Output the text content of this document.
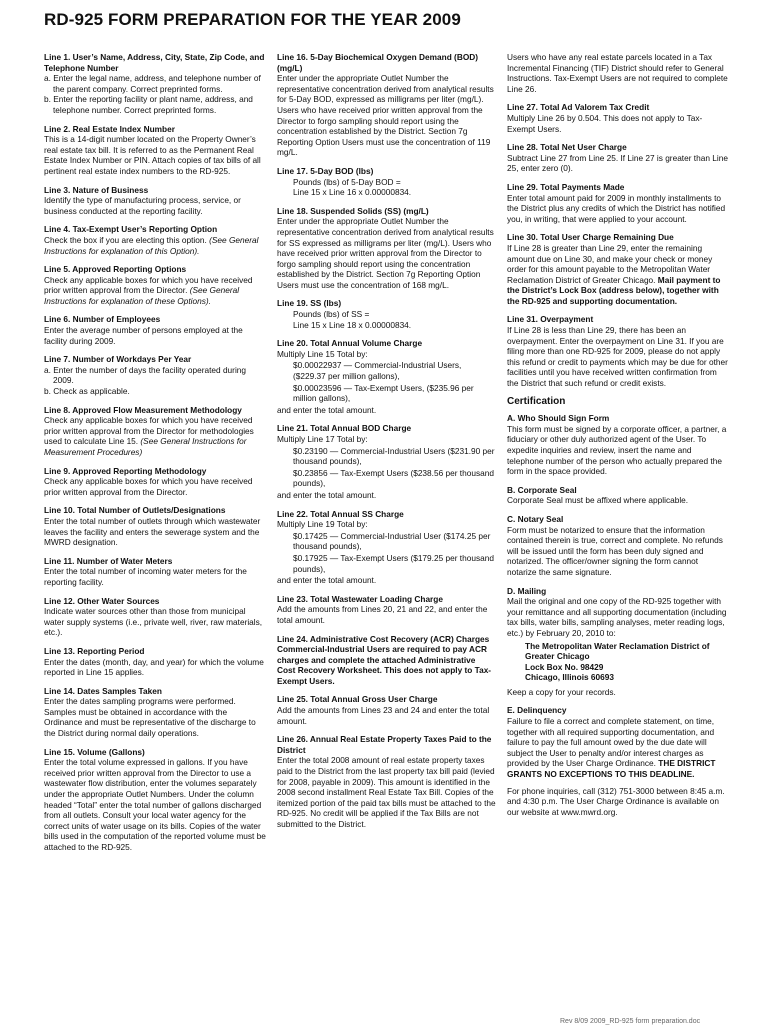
RD-925 FORM PREPARATION FOR THE YEAR 2009
Line 1. User’s Name, Address, City, State, Zip Code, and Telephone Number

a. Enter the legal name, address, and telephone number of the parent company. Correct preprinted forms.

b. Enter the reporting facility or plant name, address, and telephone number. Correct preprinted forms.

Line 2. Real Estate Index Number

This is a 14-digit number located on the Property Owner’s real estate tax bill. It is referred to as the Permanent Real Estate Index Number or PIN. Attach copies of tax bills of all pertinent real estate index numbers to the RD-925.

Line 3. Nature of Business

Identify the type of manufacturing process, service, or business conducted at the reporting facility.

Line 4. Tax-Exempt User’s Reporting Option

Check the box if you are electing this option. (See General Instructions for explanation of this Option).

Line 5. Approved Reporting Options

Check any applicable boxes for which you have received prior written approval from the Director. (See General Instructions for explanation of these Options).

Line 6. Number of Employees

Enter the average number of persons employed at the facility during 2009.

Line 7. Number of Workdays Per Year

a. Enter the number of days the facility operated during 2009.

b. Check as applicable.

Line 8. Approved Flow Measurement Methodology

Check any applicable boxes for which you have received prior written approval from the Director for methodologies used to calculate Line 15. (See General Instructions for Measurement Procedures)

Line 9. Approved Reporting Methodology

Check any applicable boxes for which you have received prior written approval from the Director.

Line 10. Total Number of Outlets/Designations

Enter the total number of outlets through which wastewater leaves the facility and enters the sewerage system and the MWRD designation.

Line 11. Number of Water Meters

Enter the total number of incoming water meters for the reporting facility.

Line 12. Other Water Sources

Indicate water sources other than those from municipal water supply systems (i.e., private well, river, raw materials, etc.).

Line 13. Reporting Period

Enter the dates (month, day, and year) for which the volume reported in Line 15 applies.

Line 14. Dates Samples Taken

Enter the dates sampling programs were performed. Samples must be obtained in accordance with the Ordinance and must be representative of the discharge to the District during normal daily operations.

Line 15. Volume (Gallons)

Enter the total volume expressed in gallons. If you have received prior written approval from the Director to use a wastewater flow distribution, enter the volumes separately under the appropriate Outlet Numbers. Under the column headed “Total” enter the total number of gallons discharged from all outlets. Consult your local water agency for the correct units of water usage on its bills. Copies of the water bills used in the computation of the reported volume must be attached to the RD-925.

Line 16. 5-Day Biochemical Oxygen Demand (BOD) (mg/L)

Enter under the appropriate Outlet Number the representative concentration derived from analytical results for 5-Day BOD, expressed as milligrams per liter (mg/L). Users who have received prior written approval from the Director to forgo sampling should report using the concentration established by the District. Section 7g Reporting Option Users must use the concentration of 119 mg/L.

Line 17. 5-Day BOD (lbs)

Pounds (lbs) of 5-Day BOD =

Line 15 x Line 16 x 0.00000834.

Line 18. Suspended Solids (SS) (mg/L)

Enter under the appropriate Outlet Number the representative concentration derived from analytical results for SS expressed as milligrams per liter (mg/L). Users who have received prior written approval from the Director to forgo sampling should report using the concentration established by the District. Section 7g Reporting Option Users must use the concentration of 168 mg/L.

Line 19. SS (lbs)

Pounds (lbs) of SS =

Line 15 x Line 18 x 0.00000834.

Line 20. Total Annual Volume Charge

Multiply Line 15 Total by:

$0.00022937 — Commercial-Industrial Users, ($229.37 per million gallons),

$0.00023596 — Tax-Exempt Users, ($235.96 per million gallons),

and enter the total amount.

Line 21. Total Annual BOD Charge

Multiply Line 17 Total by:

$0.23190 — Commercial-Industrial Users ($231.90 per thousand pounds),

$0.23856 — Tax-Exempt Users ($238.56 per thousand pounds),

and enter the total amount.

Line 22. Total Annual SS Charge

Multiply Line 19 Total by:

$0.17425 — Commercial-Industrial User ($174.25 per thousand pounds),

$0.17925 — Tax-Exempt Users ($179.25 per thousand pounds),

and enter the total amount.

Line 23. Total Wastewater Loading Charge

Add the amounts from Lines 20, 21 and 22, and enter the total amount.

Line 24. Administrative Cost Recovery (ACR) Charges

Commercial-Industrial Users are required to pay ACR charges and complete the attached Administrative Cost Recovery Worksheet. This does not apply to Tax-Exempt Users.

Line 25. Total Annual Gross User Charge

Add the amounts from Lines 23 and 24 and enter the total amount.

Line 26. Annual Real Estate Property Taxes Paid to the District

Enter the total 2008 amount of real estate property taxes paid to the District from the last property tax bill paid (levied for 2008, payable in 2009). This amount is identified in the 2008 second installment Real Estate Tax Bill. Copies of the itemized portion of the paid tax bills must be attached to the RD-925. No credit will be applied if the Tax Bills are not submitted to the District.

Users who have any real estate parcels located in a Tax Incremental Financing (TIF) District should refer to General Instructions. Tax-Exempt Users are not required to complete Line 26.

Line 27. Total Ad Valorem Tax Credit

Multiply Line 26 by 0.504. This does not apply to Tax-Exempt Users.

Line 28. Total Net User Charge

Subtract Line 27 from Line 25. If Line 27 is greater than Line 25, enter zero (0).

Line 29. Total Payments Made

Enter total amount paid for 2009 in monthly installments to the District plus any credits of which the District has notified you, in writing, that were applied to your account.

Line 30. Total User Charge Remaining Due

If Line 28 is greater than Line 29, enter the remaining amount due on Line 30, and make your check or money order for this amount payable to the Metropolitan Water Reclamation District of Greater Chicago. Mail payment to the District’s Lock Box (address below), together with the RD-925 and supporting documentation.

Line 31. Overpayment

If Line 28 is less than Line 29, there has been an overpayment. Enter the overpayment on Line 31. If you are filing more than one RD-925 for 2009, please do not apply this refund or credit to payments which may be due for other facilities until you have received written confirmation from the District that such refund or credit exists.

Certification
A. Who Should Sign Form

This form must be signed by a corporate officer, a partner, a fiduciary or other duly authorized agent of the User. To expedite inquiries and review, insert the name and telephone number of the person who actually prepared the form in the space provided.

B. Corporate Seal

Corporate Seal must be affixed where applicable.

C. Notary Seal

Form must be notarized to ensure that the information contained therein is true, correct and complete. No refunds will be issued until the form has been duly signed and notarized. The officer/owner signing the form cannot notarize the same signature.

D. Mailing

Mail the original and one copy of the RD-925 together with your remittance and all supporting documentation (including tax bills, water bills, sampling analyses, meter reading logs, etc.) by February 20, 2010 to:

The Metropolitan Water Reclamation District of Greater Chicago
Lock Box No. 98429
Chicago, Illinois 60693

Keep a copy for your records.

E. Delinquency

Failure to file a correct and complete statement, on time, together with all required supporting documentation, and failure to pay the full amount owed by the due date will subject the User to penalty and/or interest charges as provided by the User Charge Ordinance. THE DISTRICT GRANTS NO EXCEPTIONS TO THIS DEADLINE.

For phone inquiries, call (312) 751-3000 between 8:45 a.m. and 4:30 p.m. The User Charge Ordinance is available on our website at www.mwrd.org.

Rev 8/09 2009_RD-925 form preparation.doc
